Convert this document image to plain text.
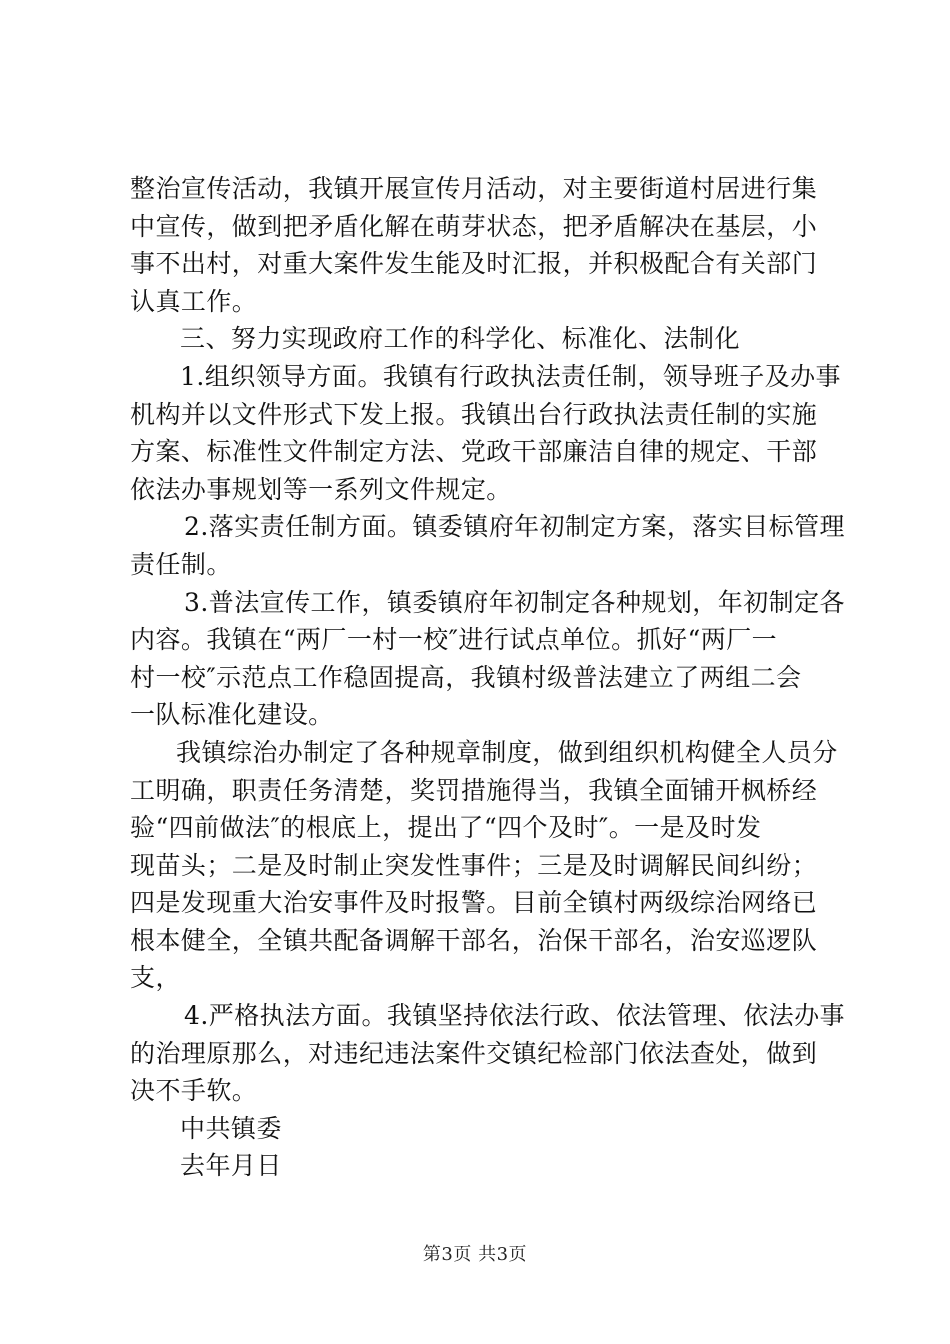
整治宣传活动，我镇开展宣传月活动，对主要街道村居进行集
中宣传，做到把矛盾化解在萌芽状态，把矛盾解决在基层，小
事不出村，对重大案件发生能及时汇报，并积极配合有关部门
认真工作。
三、努力实现政府工作的科学化、标准化、法制化
1.组织领导方面。我镇有行政执法责任制，领导班子及办事
机构并以文件形式下发上报。我镇出台行政执法责任制的实施
方案、标准性文件制定方法、党政干部廉洁自律的规定、干部
依法办事规划等一系列文件规定。
2.落实责任制方面。镇委镇府年初制定方案，落实目标管理
责任制。
3.普法宣传工作，镇委镇府年初制定各种规划，年初制定各
内容。我镇在“两厂一村一校″进行试点单位。抓好“两厂一
村一校″示范点工作稳固提高，我镇村级普法建立了两组二会
一队标准化建设。
我镇综治办制定了各种规章制度，做到组织机构健全人员分
工明确，职责任务清楚，奖罚措施得当，我镇全面铺开枫桥经
验“四前做法″的根底上，提出了“四个及时″。一是及时发
现苗头；二是及时制止突发性事件；三是及时调解民间纠纷；
四是发现重大治安事件及时报警。目前全镇村两级综治网络已
根本健全，全镇共配备调解干部名，治保干部名，治安巡逻队
支，
4.严格执法方面。我镇坚持依法行政、依法管理、依法办事
的治理原那么，对违纪违法案件交镇纪检部门依法查处，做到
决不手软。
中共镇委
去年月日
第3页 共3页
